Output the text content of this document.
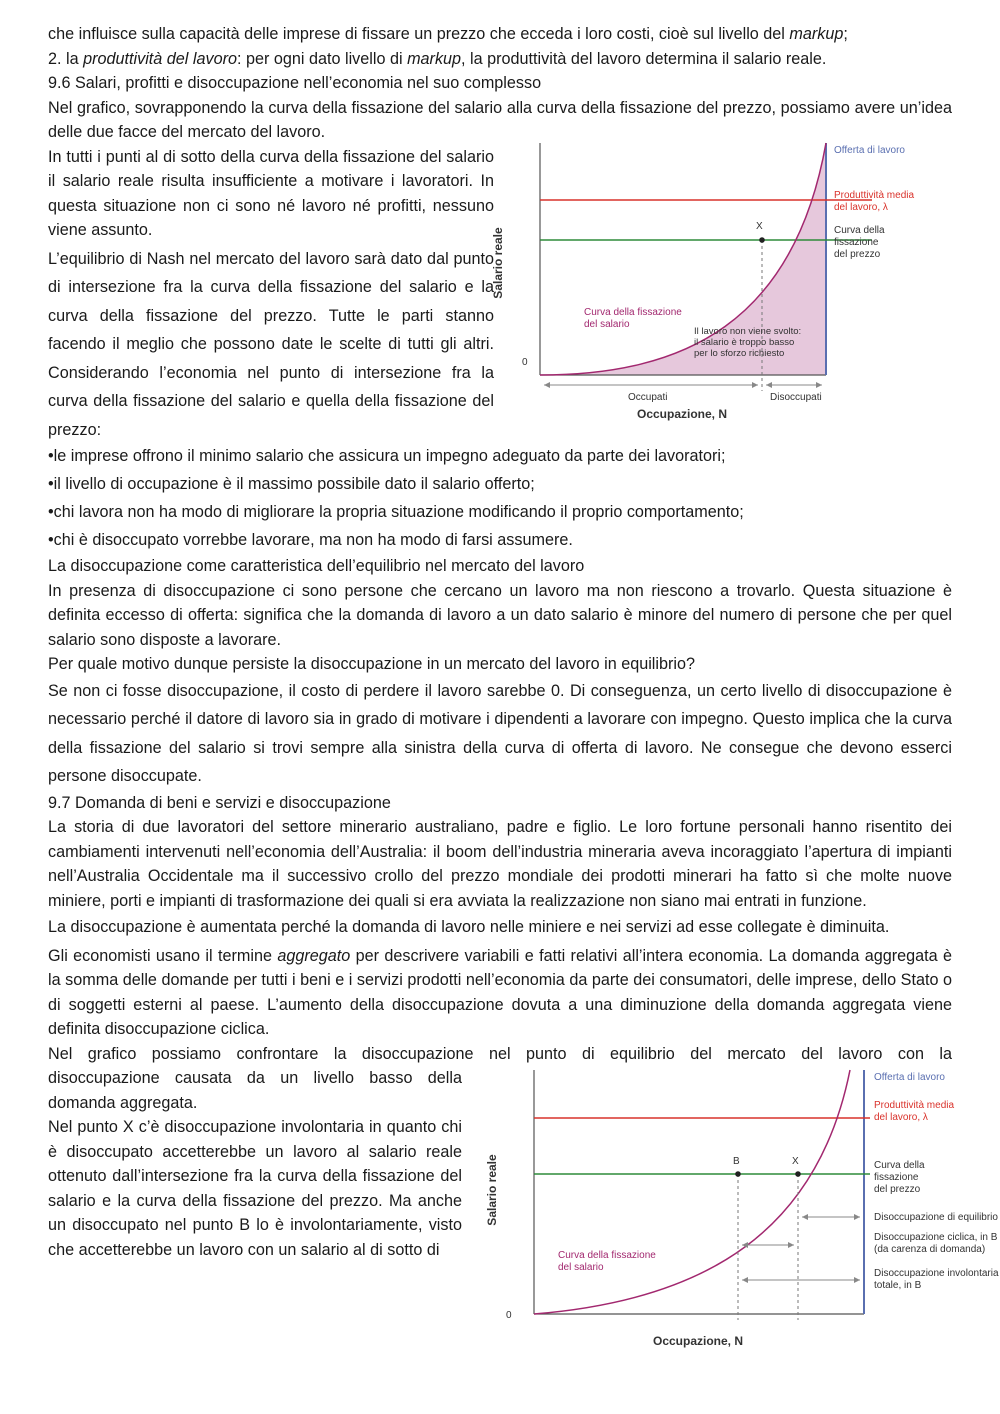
che influisce sulla capacità delle imprese di fissare un prezzo che ecceda i loro costi, cioè sul livello del markup;

2. la produttività del lavoro: per ogni dato livello di markup, la produttività del lavoro determina il salario reale.

9.6 Salari, profitti e disoccupazione nell’economia nel suo complesso

Nel grafico, sovrapponendo la curva della fissazione del salario alla curva della fissazione del prezzo, possiamo avere un’idea delle due facce del mercato del lavoro.

In tutti i punti al di sotto della curva della fissazione del salario il salario reale risulta insufficiente a motivare i lavoratori. In questa situazione non ci sono né lavoro né profitti, nessuno viene assunto.

L’equilibrio di Nash nel mercato del lavoro sarà dato dal punto di intersezione fra la curva della fissazione del salario e la curva della fissazione del prezzo. Tutte le parti stanno facendo il meglio che possono date le scelte di tutti gli altri. Considerando l’economia nel punto di intersezione fra la curva della fissazione del salario e quella della fissazione del prezzo:

X
Salario reale
0
Offerta di lavoro
Produttività media
del lavoro, λ
Curva della
fissazione
del prezzo
Curva della fissazione
del salario
Il lavoro non viene svolto:
il salario è troppo basso
per lo sforzo richiesto
Occupati	Disoccupati
Occupazione, N

•le imprese offrono il minimo salario che assicura un impegno adeguato da parte dei lavoratori;

•il livello di occupazione è il massimo possibile dato il salario offerto;

•chi lavora non ha modo di migliorare la propria situazione modificando il proprio comportamento;

•chi è disoccupato vorrebbe lavorare, ma non ha modo di farsi assumere.

La disoccupazione come caratteristica dell’equilibrio nel mercato del lavoro

In presenza di disoccupazione ci sono persone che cercano un lavoro ma non riescono a trovarlo. Questa situazione è definita eccesso di offerta: significa che la domanda di lavoro a un dato salario è minore del numero di persone che per quel salario sono disposte a lavorare.

Per quale motivo dunque persiste la disoccupazione in un mercato del lavoro in equilibrio?

Se non ci fosse disoccupazione, il costo di perdere il lavoro sarebbe 0. Di conseguenza, un certo livello di disoccupazione è necessario perché il datore di lavoro sia in grado di motivare i dipendenti a lavorare con impegno. Questo implica che la curva della fissazione del salario si trovi sempre alla sinistra della curva di offerta di lavoro. Ne consegue che devono esserci persone disoccupate.

9.7 Domanda di beni e servizi e disoccupazione

La storia di due lavoratori del settore minerario australiano, padre e figlio. Le loro fortune personali hanno risentito dei cambiamenti intervenuti nell’economia dell’Australia: il boom dell’industria mineraria aveva incoraggiato l’apertura di impianti nell’Australia Occidentale ma il successivo crollo del prezzo mondiale dei prodotti minerari ha fatto sì che molte nuove miniere, porti e impianti di trasformazione dei quali si era avviata la realizzazione non siano mai entrati in funzione.

La disoccupazione è aumentata perché la domanda di lavoro nelle miniere e nei servizi ad esse collegate è diminuita.

Gli economisti usano il termine aggregato per descrivere variabili e fatti relativi all’intera economia. La domanda aggregata è la somma delle domande per tutti i beni e i servizi prodotti nell’economia da parte dei consumatori, delle imprese, dello Stato o di soggetti esterni al paese. L’aumento della disoccupazione dovuta a una diminuzione della domanda aggregata viene definita disoccupazione ciclica.

Nel grafico possiamo confrontare la disoccupazione nel punto di equilibrio del mercato del lavoro con la

disoccupazione causata da un livello basso della domanda aggregata.

Nel punto X c’è disoccupazione involontaria in quanto chi è disoccupato accetterebbe un lavoro al salario reale ottenuto dall’intersezione fra la curva della fissazione del salario e la curva della fissazione del prezzo. Ma anche un disoccupato nel punto B lo è involontariamente, visto che accetterebbe un lavoro con un salario al di sotto di

B	X
Salario reale
0
Offerta di lavoro
Produttività media
del lavoro, λ
Curva della
fissazione
del prezzo
Curva della fissazione
del salario
Disoccupazione di equilibrio
Disoccupazione ciclica, in B
(da carenza di domanda)
Disoccupazione involontaria
totale, in B
Occupazione, N
